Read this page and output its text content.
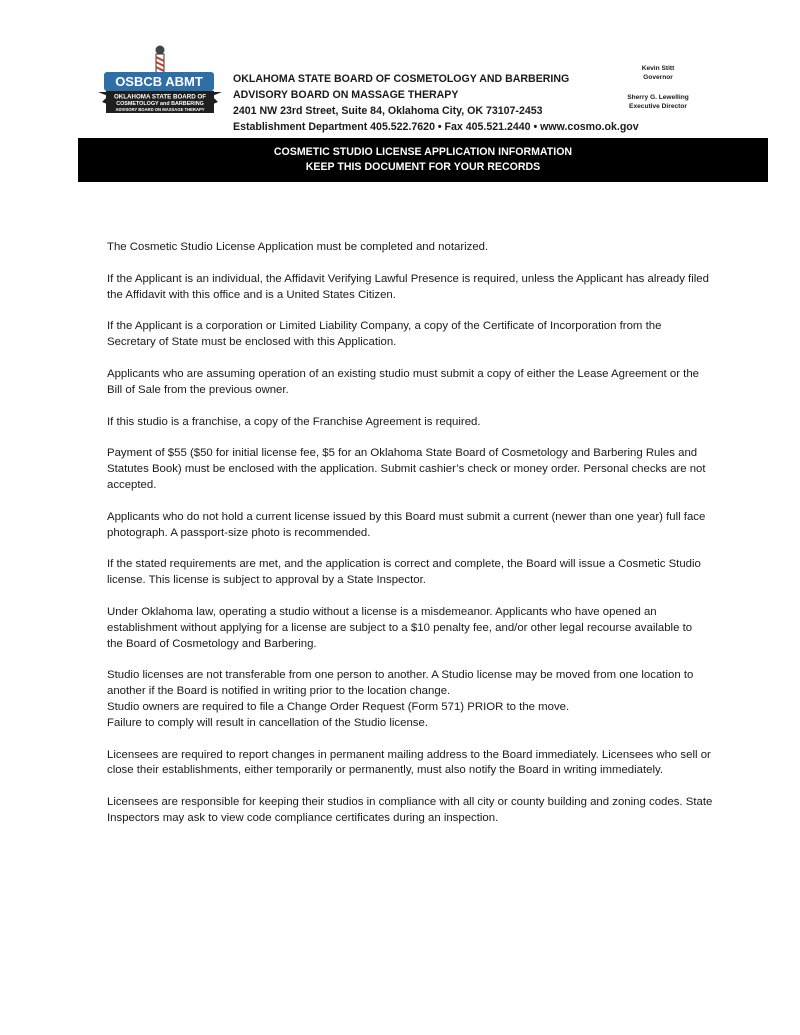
OSBCB ABMT
OKLAHOMA STATE BOARD OF
COSMETOLOGY and BARBERING
ADVISORY BOARD ON MASSAGE THERAPY
OKLAHOMA STATE BOARD OF COSMETOLOGY AND BARBERING
ADVISORY BOARD ON MASSAGE THERAPY
2401 NW 23rd Street, Suite 84, Oklahoma City, OK 73107-2453
Establishment Department 405.522.7620 • Fax 405.521.2440 • www.cosmo.ok.gov
Kevin Stitt
Governor
Sherry G. Lewelling
Executive Director
COSMETIC STUDIO LICENSE APPLICATION INFORMATION
KEEP THIS DOCUMENT FOR YOUR RECORDS

The Cosmetic Studio License Application must be completed and notarized.

If the Applicant is an individual, the Affidavit Verifying Lawful Presence is required, unless the Applicant has already filed
the Affidavit with this office and is a United States Citizen.

If the Applicant is a corporation or Limited Liability Company, a copy of the Certificate of Incorporation from the
Secretary of State must be enclosed with this Application.

Applicants who are assuming operation of an existing studio must submit a copy of either the Lease Agreement or the
Bill of Sale from the previous owner.

If this studio is a franchise, a copy of the Franchise Agreement is required.

Payment of $55 ($50 for initial license fee, $5 for an Oklahoma State Board of Cosmetology and Barbering Rules and
Statutes Book) must be enclosed with the application. Submit cashier’s check or money order. Personal checks are not
accepted.

Applicants who do not hold a current license issued by this Board must submit a current (newer than one year) full face
photograph. A passport-size photo is recommended.

If the stated requirements are met, and the application is correct and complete, the Board will issue a Cosmetic Studio
license. This license is subject to approval by a State Inspector.

Under Oklahoma law, operating a studio without a license is a misdemeanor. Applicants who have opened an
establishment without applying for a license are subject to a $10 penalty fee, and/or other legal recourse available to
the Board of Cosmetology and Barbering.

Studio licenses are not transferable from one person to another. A Studio license may be moved from one location to
another if the Board is notified in writing prior to the location change.
Studio owners are required to file a Change Order Request (Form 571) PRIOR to the move.
Failure to comply will result in cancellation of the Studio license.

Licensees are required to report changes in permanent mailing address to the Board immediately. Licensees who sell or
close their establishments, either temporarily or permanently, must also notify the Board in writing immediately.

Licensees are responsible for keeping their studios in compliance with all city or county building and zoning codes. State
Inspectors may ask to view code compliance certificates during an inspection.
